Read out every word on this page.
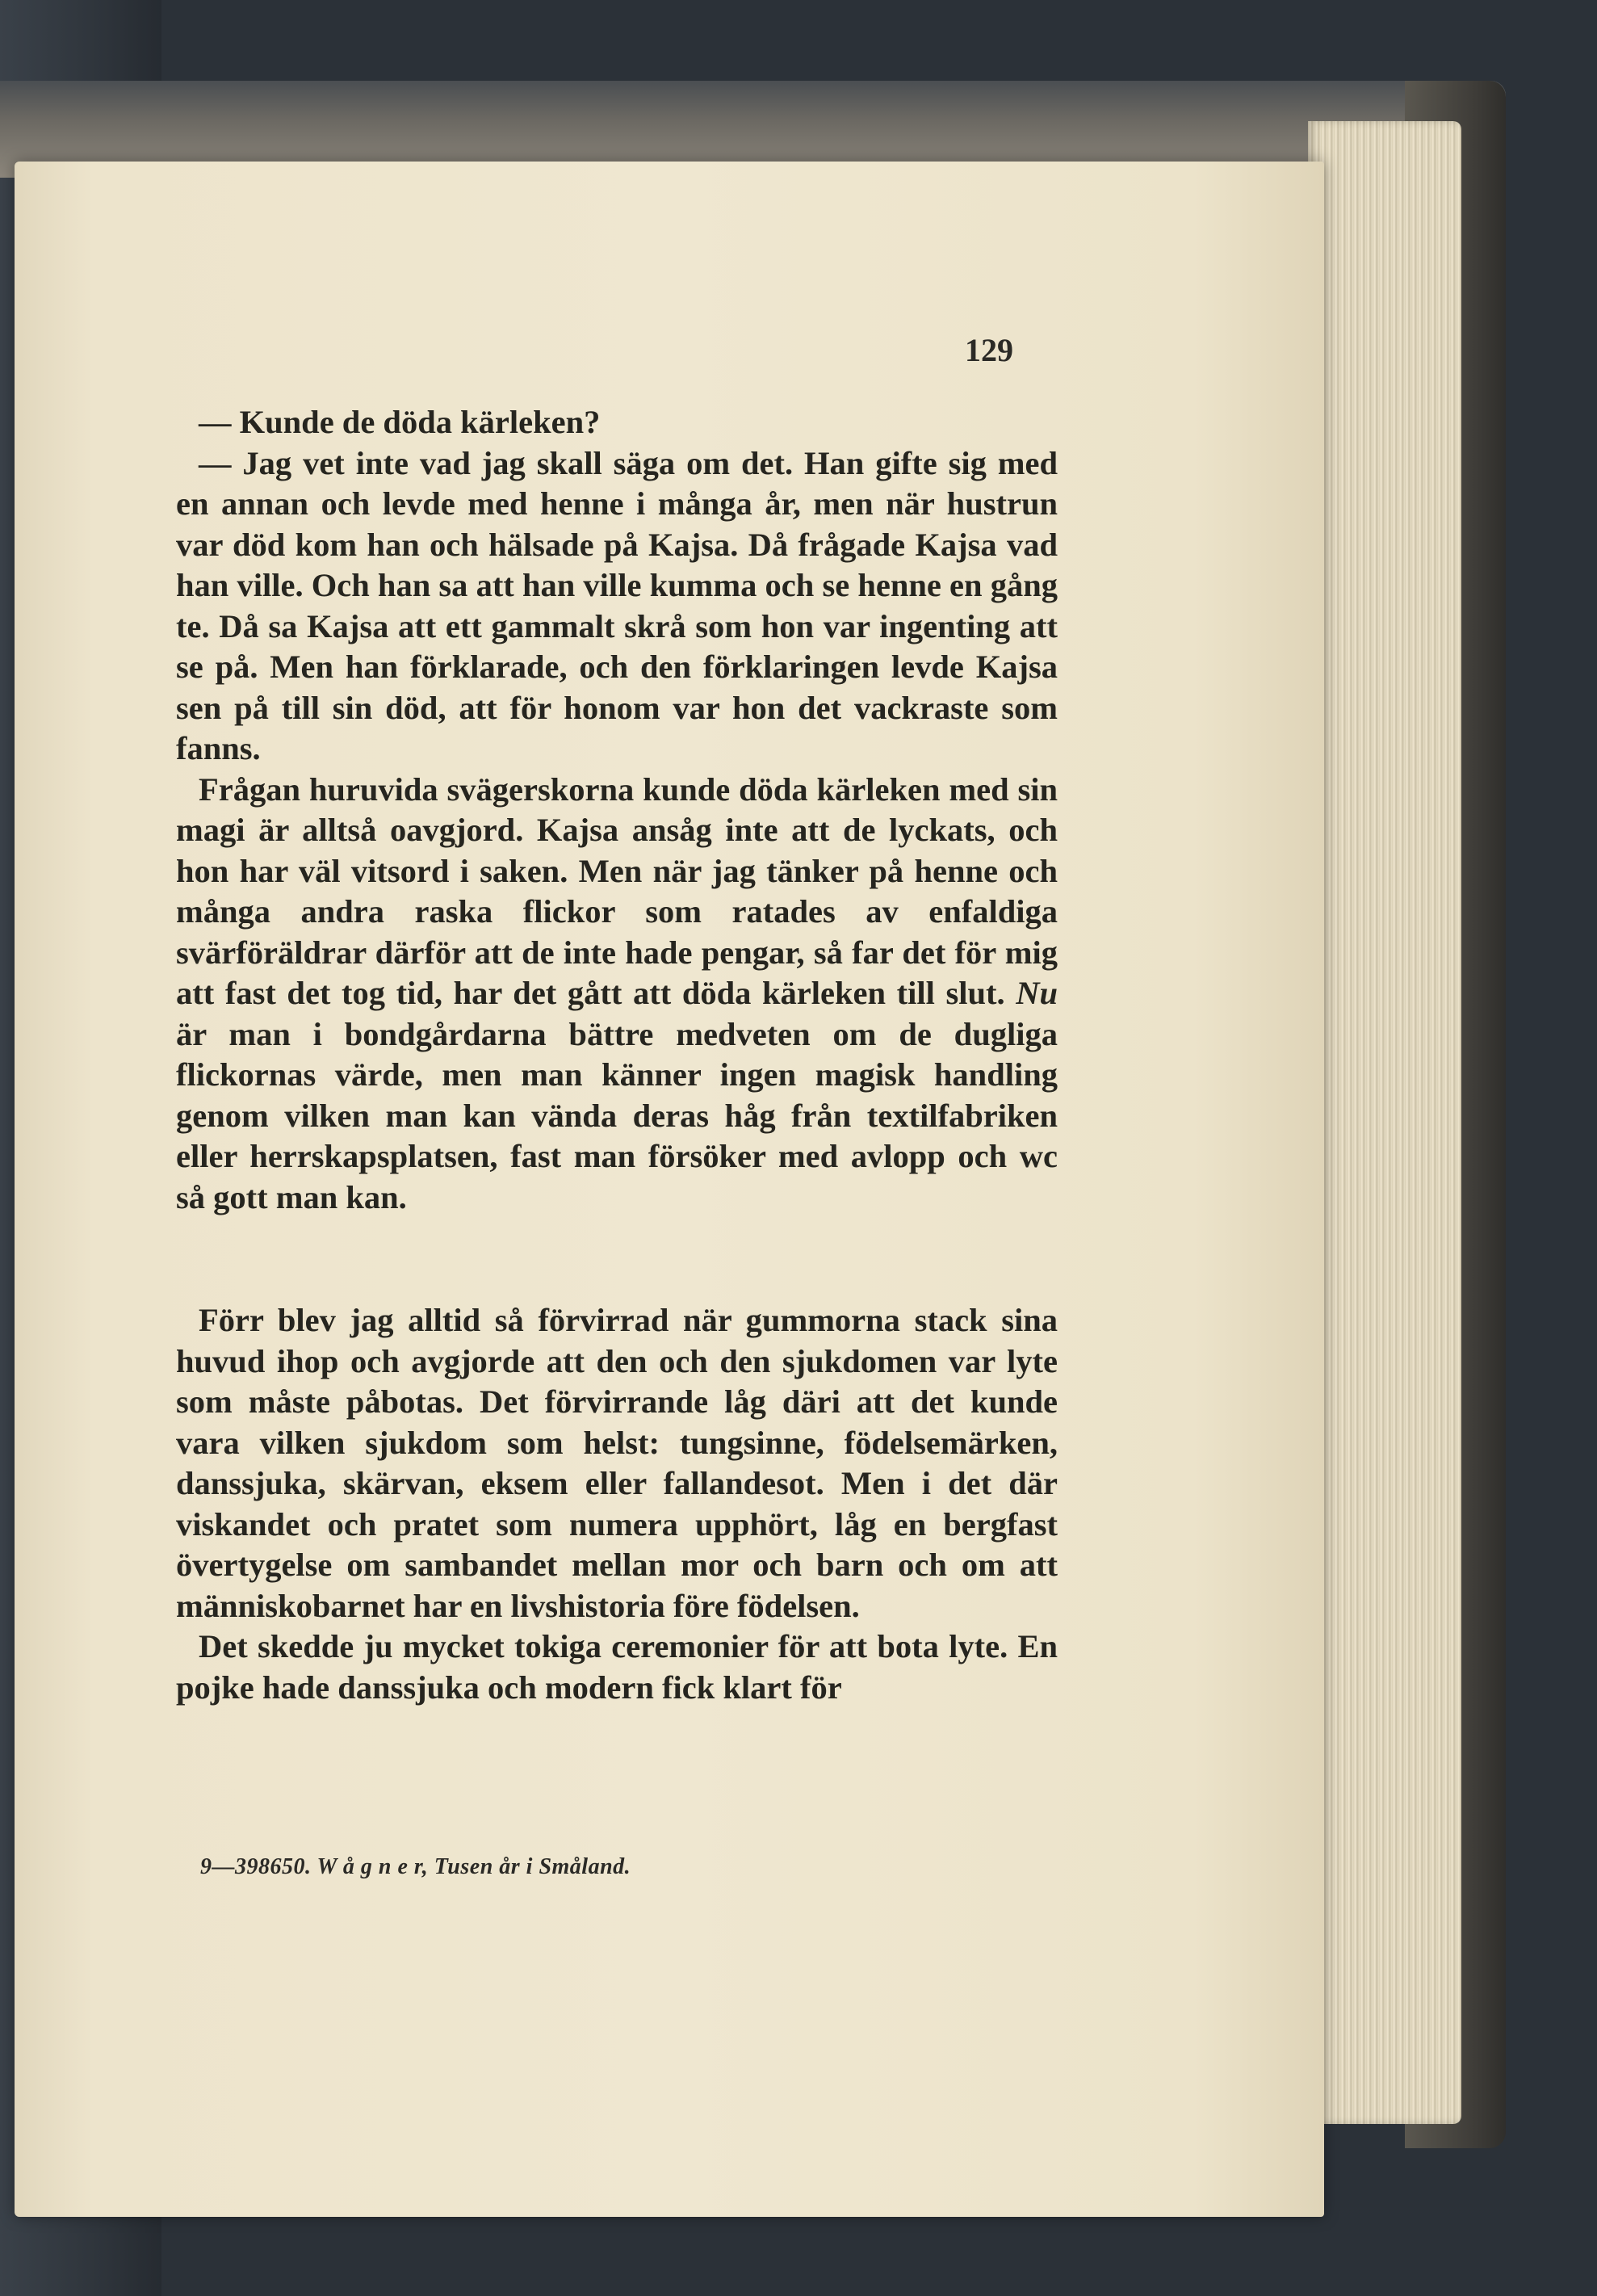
129

— Kunde de döda kärleken?

— Jag vet inte vad jag skall säga om det. Han gifte sig med en annan och levde med henne i många år, men när hustrun var död kom han och hälsade på Kajsa. Då frågade Kajsa vad han ville. Och han sa att han ville kumma och se henne en gång te. Då sa Kajsa att ett gammalt skrå som hon var ingenting att se på. Men han förklarade, och den förklaringen levde Kajsa sen på till sin död, att för honom var hon det vackraste som fanns.

Frågan huruvida svägerskorna kunde döda kärleken med sin magi är alltså oavgjord. Kajsa ansåg inte att de lyckats, och hon har väl vitsord i saken. Men när jag tänker på henne och många andra raska flickor som ratades av enfaldiga svärföräldrar därför att de inte hade pengar, så far det för mig att fast det tog tid, har det gått att döda kärleken till slut. Nu är man i bondgårdarna bättre medveten om de dugliga flickornas värde, men man känner ingen magisk handling genom vilken man kan vända deras håg från textilfabriken eller herrskapsplatsen, fast man försöker med avlopp och wc så gott man kan.

Förr blev jag alltid så förvirrad när gummorna stack sina huvud ihop och avgjorde att den och den sjukdomen var lyte som måste påbotas. Det förvirrande låg däri att det kunde vara vilken sjukdom som helst: tungsinne, födelsemärken, danssjuka, skärvan, eksem eller fallandesot. Men i det där viskandet och pratet som numera upphört, låg en bergfast övertygelse om sambandet mellan mor och barn och om att människobarnet har en livshistoria före födelsen.

Det skedde ju mycket tokiga ceremonier för att bota lyte. En pojke hade danssjuka och modern fick klart för

9—398650. W å g n e r, Tusen år i Småland.
